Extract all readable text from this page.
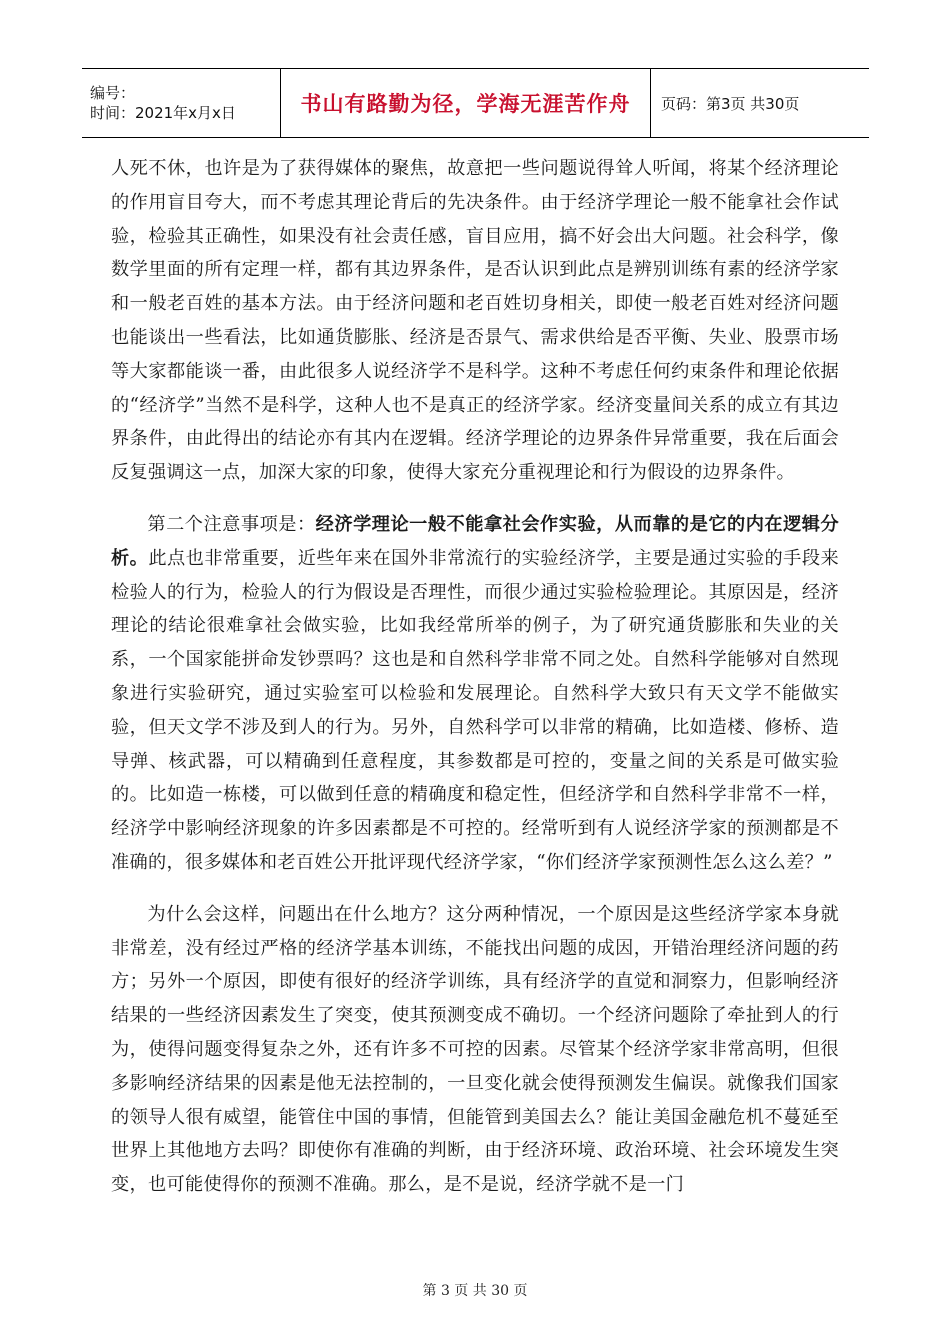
编号：
时间：2021年x月x日	书山有路勤为径，学海无涯苦作舟 页码：第3页 共30页

人死不休，也许是为了获得媒体的聚焦，故意把一些问题说得耸人听闻，将某个经济理论的作用盲目夸大，而不考虑其理论背后的先决条件。由于经济学理论一般不能拿社会作试验，检验其正确性，如果没有社会责任感，盲目应用，搞不好会出大问题。社会科学，像数学里面的所有定理一样，都有其边界条件，是否认识到此点是辨别训练有素的经济学家和一般老百姓的基本方法。由于经济问题和老百姓切身相关，即使一般老百姓对经济问题也能谈出一些看法，比如通货膨胀、经济是否景气、需求供给是否平衡、失业、股票市场等大家都能谈一番，由此很多人说经济学不是科学。这种不考虑任何约束条件和理论依据的“经济学”当然不是科学，这种人也不是真正的经济学家。经济变量间关系的成立有其边界条件，由此得出的结论亦有其内在逻辑。经济学理论的边界条件异常重要，我在后面会反复强调这一点，加深大家的印象，使得大家充分重视理论和行为假设的边界条件。

第二个注意事项是：经济学理论一般不能拿社会作实验，从而靠的是它的内在逻辑分析。此点也非常重要，近些年来在国外非常流行的实验经济学，主要是通过实验的手段来检验人的行为，检验人的行为假设是否理性，而很少通过实验检验理论。其原因是，经济理论的结论很难拿社会做实验，比如我经常所举的例子，为了研究通货膨胀和失业的关系，一个国家能拼命发钞票吗？这也是和自然科学非常不同之处。自然科学能够对自然现象进行实验研究，通过实验室可以检验和发展理论。自然科学大致只有天文学不能做实验，但天文学不涉及到人的行为。另外，自然科学可以非常的精确，比如造楼、修桥、造导弹、核武器，可以精确到任意程度，其参数都是可控的，变量之间的关系是可做实验的。比如造一栋楼，可以做到任意的精确度和稳定性，但经济学和自然科学非常不一样，经济学中影响经济现象的许多因素都是不可控的。经常听到有人说经济学家的预测都是不准确的，很多媒体和老百姓公开批评现代经济学家，“你们经济学家预测性怎么这么差？”

为什么会这样，问题出在什么地方？这分两种情况，一个原因是这些经济学家本身就非常差，没有经过严格的经济学基本训练，不能找出问题的成因，开错治理经济问题的药方；另外一个原因，即使有很好的经济学训练，具有经济学的直觉和洞察力，但影响经济结果的一些经济因素发生了突变，使其预测变成不确切。一个经济问题除了牵扯到人的行为，使得问题变得复杂之外，还有许多不可控的因素。尽管某个经济学家非常高明，但很多影响经济结果的因素是他无法控制的，一旦变化就会使得预测发生偏误。就像我们国家的领导人很有威望，能管住中国的事情，但能管到美国去么？能让美国金融危机不蔓延至世界上其他地方去吗？即使你有准确的判断，由于经济环境、政治环境、社会环境发生突变，也可能使得你的预测不准确。那么，是不是说，经济学就不是一门

第 3 页 共 30 页
